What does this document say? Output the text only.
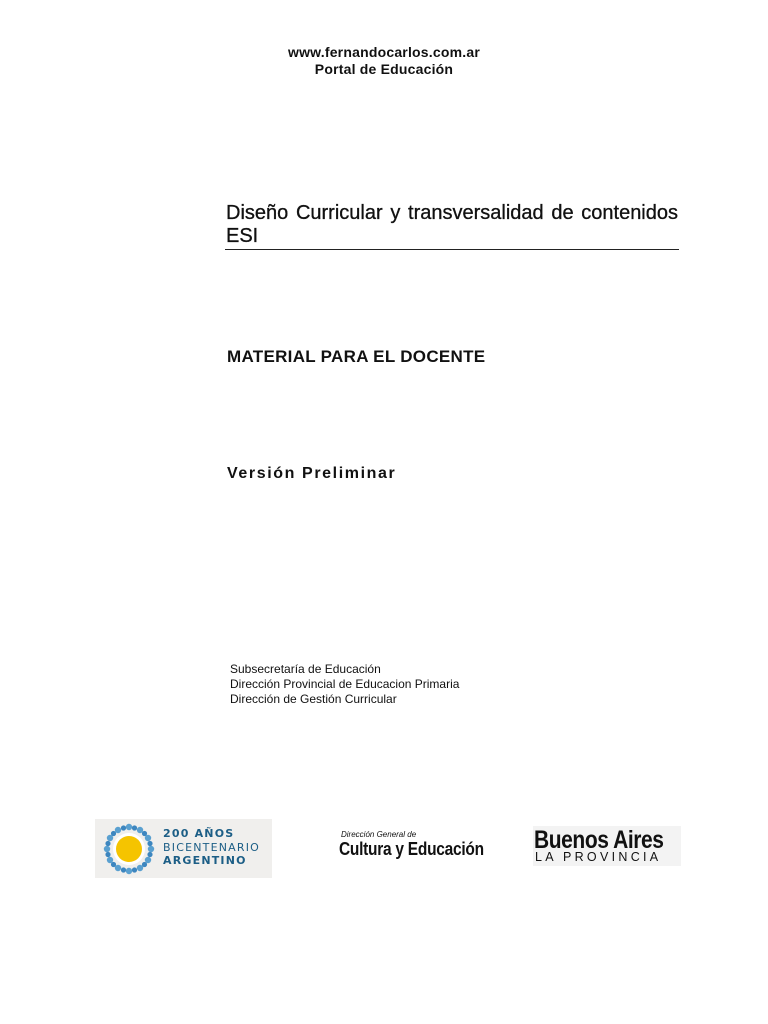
www.fernandocarlos.com.ar
Portal de Educación
Diseño Curricular y transversalidad de contenidos ESI
MATERIAL PARA EL DOCENTE
Versión Preliminar
Subsecretaría de Educación
Dirección Provincial de Educacion Primaria
Dirección de Gestión Curricular
200 AÑOS
BICENTENARIO
ARGENTINO
Dirección General de
Cultura y Educación Buenos Aires
LA PROVINCIA
